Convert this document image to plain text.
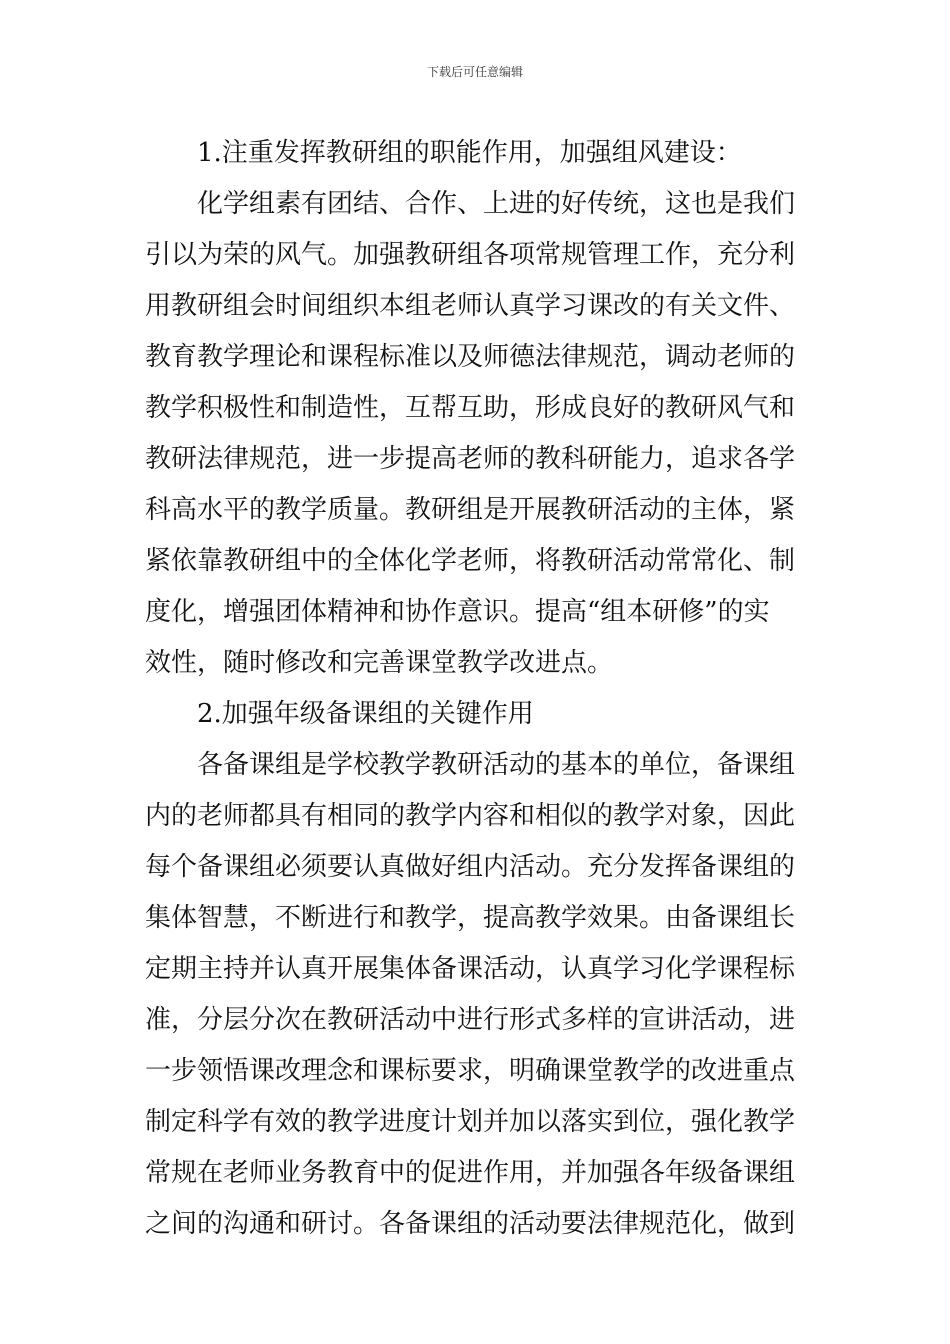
下载后可任意编辑
1.注重发挥教研组的职能作用，加强组风建设：
化学组素有团结、合作、上进的好传统，这也是我们
引以为荣的风气。加强教研组各项常规管理工作，充分利
用教研组会时间组织本组老师认真学习课改的有关文件、
教育教学理论和课程标准以及师德法律规范，调动老师的
教学积极性和制造性，互帮互助，形成良好的教研风气和
教研法律规范，进一步提高老师的教科研能力，追求各学
科高水平的教学质量。教研组是开展教研活动的主体，紧
紧依靠教研组中的全体化学老师，将教研活动常常化、制
度化，增强团体精神和协作意识。提高“组本研修”的实
效性，随时修改和完善课堂教学改进点。
2.加强年级备课组的关键作用
各备课组是学校教学教研活动的基本的单位，备课组
内的老师都具有相同的教学内容和相似的教学对象，因此
每个备课组必须要认真做好组内活动。充分发挥备课组的
集体智慧，不断进行和教学，提高教学效果。由备课组长
定期主持并认真开展集体备课活动，认真学习化学课程标
准，分层分次在教研活动中进行形式多样的宣讲活动，进
一步领悟课改理念和课标要求，明确课堂教学的改进重点
制定科学有效的教学进度计划并加以落实到位，强化教学
常规在老师业务教育中的促进作用，并加强各年级备课组
之间的沟通和研讨。各备课组的活动要法律规范化，做到
